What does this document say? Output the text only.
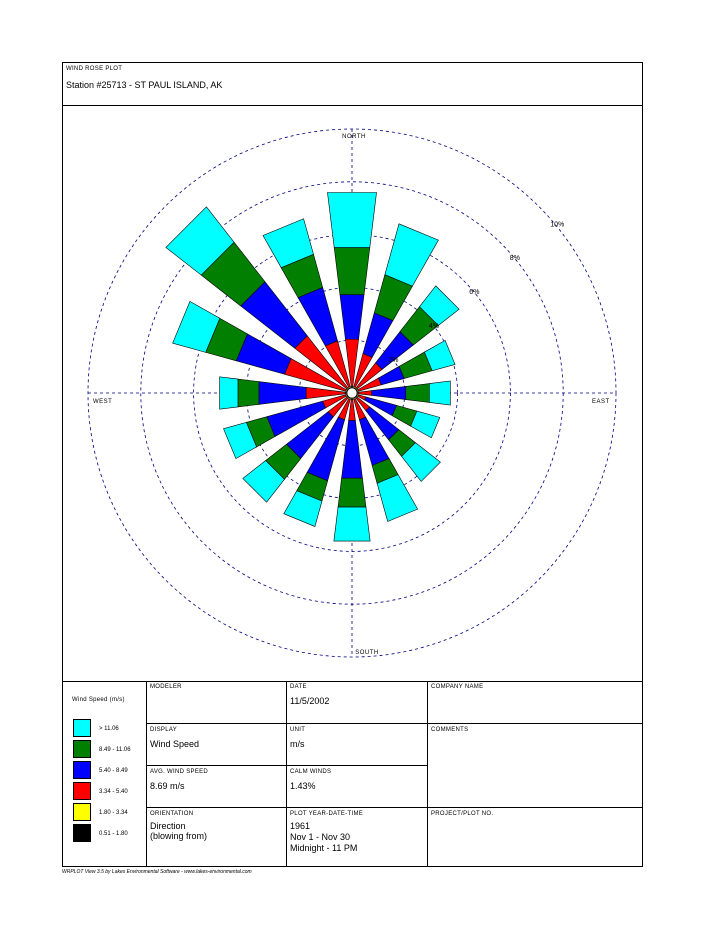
WIND ROSE PLOT
Station #25713 - ST PAUL ISLAND, AK
2%
4%
6%
8%
10%
NORTH
SOUTH
EAST
WEST
Wind Speed (m/s)
> 11.06
8.49 - 11.06
5.40 - 8.49
3.34 - 5.40
1.80 - 3.34
0.51 - 1.80
MODELER	DATE
11/5/2002
COMPANY NAME
DISPLAY
Wind Speed
UNIT
m/s
COMMENTS
AVG. WIND SPEED
8.69 m/s
CALM WINDS
1.43%
ORIENTATION
Direction
(blowing from)
PLOT YEAR-DATE-TIME
1961
Nov 1 - Nov 30
Midnight - 11 PM
PROJECT/PLOT NO.
WRPLOT View 3.5 by Lakes Environmental Software - www.lakes-environmental.com
